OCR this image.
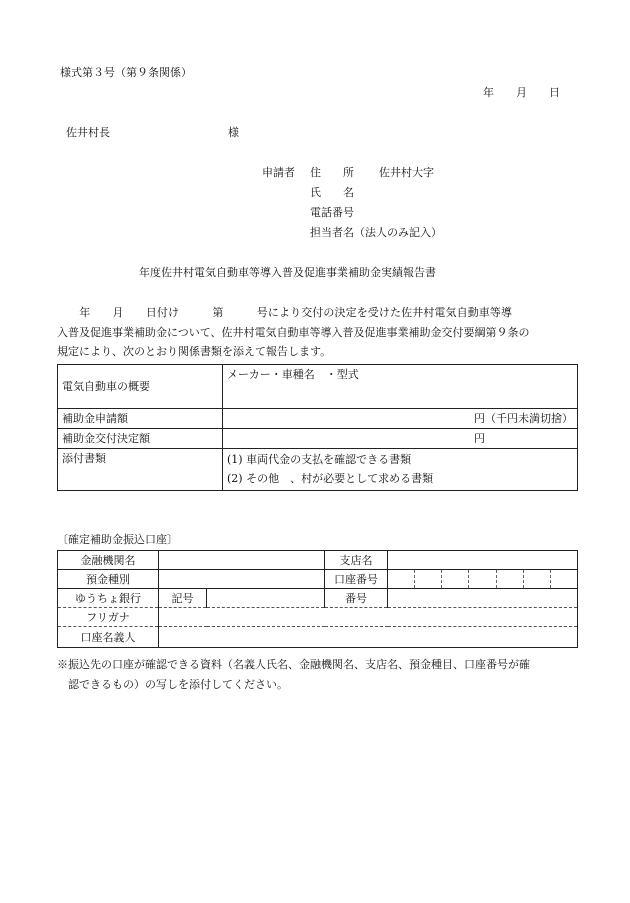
様式第３号（第９条関係）
年　　月　　日
佐井村長	様
申請者 住　　所 佐井村大字
氏　　名
電話番号
担当者名（法人のみ記入）
年度佐井村電気自動車等導入普及促進事業補助金実績報告書
　　年　　月　　日付け　　　第　　　号により交付の決定を受けた佐井村電気自動車等導
入普及促進事業補助金について、佐井村電気自動車等導入普及促進事業補助金交付要綱第９条の
規定により、次のとおり関係書類を添えて報告します。
電気自動車の概要	メーカー・車種名　・型式
補助金申請額	円（千円未満切捨）
補助金交付決定額	円
添付書類	(1) 車両代金の支払を確認できる書類
(2) その他　、村が必要として求める書類
〔確定補助金振込口座〕
金融機関名			支店名	
預金種別			口座番号	

ゆうちょ銀行	記号		番号	
フリガナ				
口座名義人				
※振込先の口座が確認できる資料（名義人氏名、金融機関名、支店名、預金種目、口座番号が確
　認できるもの）の写しを添付してください。
